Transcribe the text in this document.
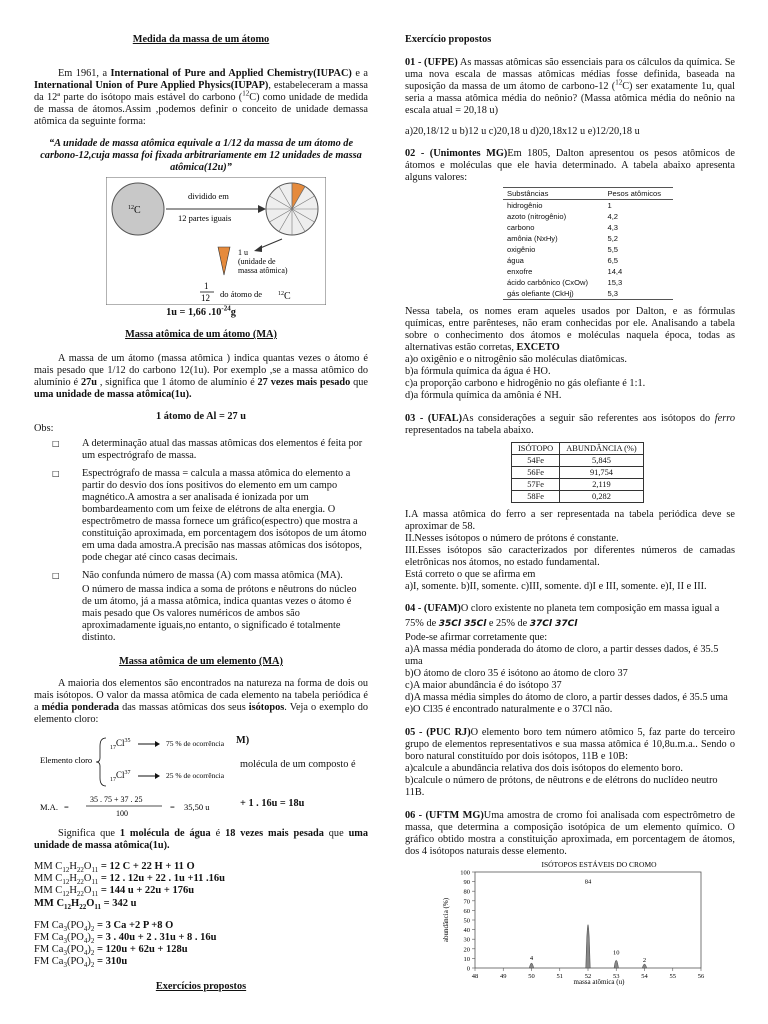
Medida da massa de um átomo

Em 1961, a International of Pure and Applied Chemistry(IUPAC) e a International Union of Pure Applied Physics(IUPAP), estabeleceram a massa da 12ª parte do isótopo mais estável do carbono ($^{12}$C) como unidade de medida de massa de átomos.Assim ,podemos definir o conceito de unidade demassa atômica da seguinte forma:

“A unidade de massa atômica equivale a 1/12 da massa de um átomo de carbono-12,cuja massa foi fixada arbitrariamente em 12 unidades de massa atômica(12u)”

$^{12}$C
dividido em
12 partes iguais
1 u
(unidade de
massa atômica)
1
12 do átomo de	$^{12}$C

1u = 1,66 $.10^{-24}g$

Massa atômica de um átomo (MA)

A massa de um átomo (massa atômica ) indica quantas vezes o átomo é mais pesado que 1/12 do carbono 12(1u). Por exemplo ,se a massa atômico do alumínio é 27u , significa que 1 átomo de alumínio é 27 vezes mais pesado que uma unidade de massa atômica(1u).

1 átomo de Al = 27 u

Obs:

□ A determinação atual das massas atômicas dos elementos é feita por um espectrógrafo de massa.

□ Espectrógrafo de massa = calcula a massa atômica do elemento a partir do desvio dos íons positivos do elemento em um campo magnético.A amostra a ser analisada é ionizada por um bombardeamento com um feixe de elétrons de alta energia. O espectrômetro de massa fornece um gráfico(espectro) que mostra a constituição aproximada, em porcentagem dos isótopos de um átomo em uma dada amostra.A precisão nas massas atômicas dos isótopos, pode chegar até cinco casas decimais.

□ Não confunda número de massa (A) com massa atômica (MA).

O número de massa indica a soma de prótons e nêutrons do núcleo de um átomo, já a massa atômica, indica quantas vezes o átomo é mais pesado que Os valores numéricos de ambos são aproximadamente iguais,no entanto, o significado é totalmente distinto.

Massa atômica de um elemento (MA)

A maioria dos elementos são encontrados na natureza na forma de dois ou mais isótopos. O valor da massa atômica de cada elemento na tabela periódica é a média ponderada das massas atômicas dos seus isótopos. Veja o exemplo do elemento cloro:

Elemento cloro
$_{17}Cl^{35}$
$_{17}Cl^{37}$
75 % de ocorrência
25 % de ocorrência
M.A. =
35 . 75 + 37 . 25
100
= 35,50 u
M)
molécula de um composto é
+ 1 . 16u = 18u

Significa que 1 molécula de água é 18 vezes mais pesada que uma unidade de massa atômica(1u).

MM $C_{12}H_{22}O_{11} = 12$ C + 22 H + 11 O

MM $C_{12}H_{22}O_{11} = 12$ . 12u + 22 . 1u +11 .16u

MM $C_{12}H_{22}O_{11} = 144$ u + 22u + 176u

MM $C_{12}H_{22}O_{11} = 342$ u

FM $Ca_3(PO_4)_2 = 3$ Ca +2 P +8 O

FM $Ca_3(PO_4)_2 = 3$ . 40u + 2 . 31u + 8 . 16u

FM $Ca_3(PO_4)_2 = 120u + 62u + 128u$

FM $Ca_3(PO_4)_2 = 310u$

Exercícios propostos

Exercício propostos

01 - (UFPE) As massas atômicas são essenciais para os cálculos da química. Se uma nova escala de massas atômicas médias fosse definida, baseada na suposição da massa de um átomo de carbono-12 ($^{12}$C) ser exatamente 1u, qual seria a massa atômica média do neônio? (Massa atômica média do neônio na escala atual = 20,18 u)

a)20,18/12 u b)12 u c)20,18 u d)20,18x12 u e)12/20,18 u

02 - (Unimontes MG)Em 1805, Dalton apresentou os pesos atômicos de átomos e moléculas que ele havia determinado. A tabela abaixo apresenta alguns valores:

Substâncias	Pesos atômicos
hidrogênio	1
azoto (nitrogênio)	4,2
carbono	4,3
amônia (NxHy)	5,2
oxigênio	5,5
água	6,5
enxofre	14,4
ácido carbônico (CxOw)	15,3
gás olefiante (CkHj)	5,3

Nessa tabela, os nomes eram aqueles usados por Dalton, e as fórmulas químicas, entre parênteses, não eram conhecidas por ele. Analisando a tabela sobre o conhecimento dos átomos e moléculas naquela época, todas as alternativas estão corretas, EXCETO

a)o oxigênio e o nitrogênio são moléculas diatômicas.

b)a fórmula química da água é HO.

c)a proporção carbono e hidrogênio no gás olefiante é 1:1.

d)a fórmula química da amônia é NH.

03 - (UFAL)As considerações a seguir são referentes aos isótopos do ferro representados na tabela abaixo.

ISÓTOPO	ABUNDÂNCIA (%)
54Fe	5,845
56Fe	91,754
57Fe	2,119
58Fe	0,282

I.A massa atômica do ferro a ser representada na tabela periódica deve se aproximar de 58.

II.Nesses isótopos o número de prótons é constante.

III.Esses isótopos são caracterizados por diferentes números de camadas eletrônicas nos átomos, no estado fundamental.

Está correto o que se afirma em

a)I, somente. b)II, somente. c)III, somente. d)I e III, somente. e)I, II e III.

04 - (UFAM)O cloro existente no planeta tem composição em massa igual a

75% de 35Cl 35Cl e 25% de 37Cl 37Cl

Pode-se afirmar corretamente que:

a)A massa média ponderada do átomo de cloro, a partir desses dados, é 35.5 uma

b)O átomo de cloro 35 é isótono ao átomo de cloro 37

c)A maior abundância é do isótopo 37

d)A massa média simples do átomo de cloro, a partir desses dados, é 35.5 uma

e)O Cl35 é encontrado naturalmente e o 37Cl não.

05 - (PUC RJ)O elemento boro tem número atômico 5, faz parte do terceiro grupo de elementos representativos e sua massa atômica é 10,8u.m.a.. Sendo o boro natural constituído por dois isótopos, 11B e 10B:

a)calcule a abundância relativa dos dois isótopos do elemento boro.

b)calcule o número de prótons, de nêutrons e de elétrons do nuclídeo neutro 11B.

06 - (UFTM MG)Uma amostra de cromo foi analisada com espectrômetro de massa, que determina a composição isotópica de um elemento químico. O gráfico obtido mostra a constituição aproximada, em porcentagem de átomos, dos 4 isótopos naturais desse elemento.

ISÓTOPOS ESTÁVEIS DO CROMO
abundância (%)
massa atômica (u)
0
10
20
30
40
50
60
70
80
90
100
48	49	50	51	52	53	54	55	56
4
84
10
2
